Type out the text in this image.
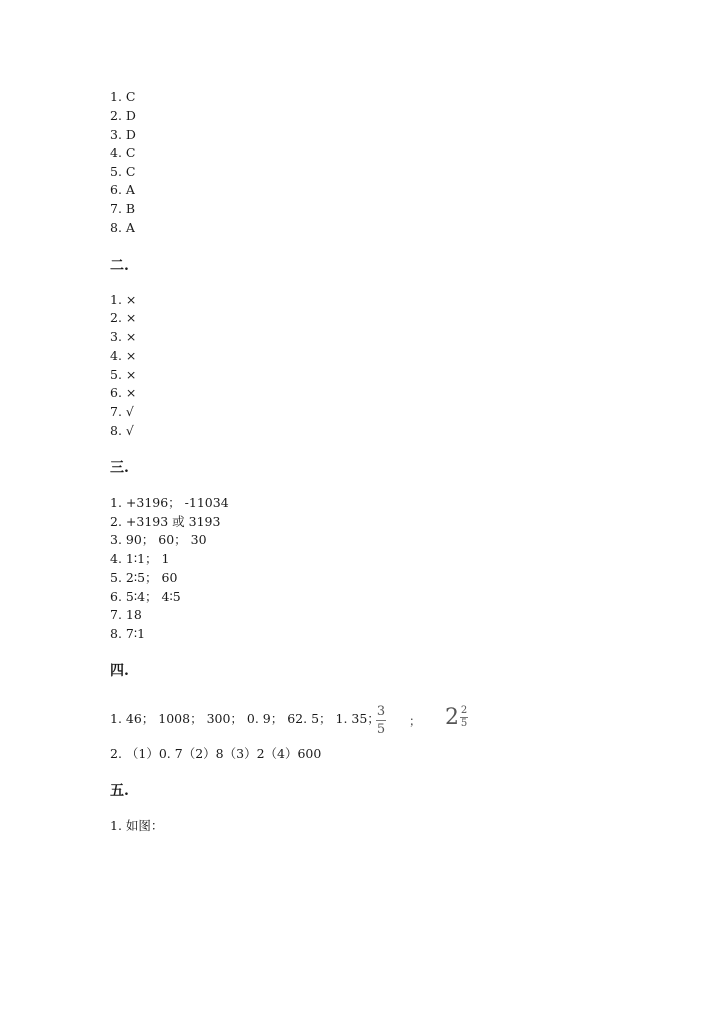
1. C
2. D
3. D
4. C
5. C
6. A
7. B
8. A
二.
1. ×
2. ×
3. ×
4. ×
5. ×
6. ×
7. √
8. √
三.
1. +3196； -11034
2. +3193 或 3193
3. 90； 60； 30
4. 1∶1； 1
5. 2∶5； 60
6. 5∶4； 4∶5
7. 18
8. 7∶1
四.
1. 46； 1008； 300； 0. 9； 62. 5； 1. 35；
3
5
； $2 \frac{2}{5}$
2. （1）0. 7（2）8（3）2（4）600
五.
1. 如图：
